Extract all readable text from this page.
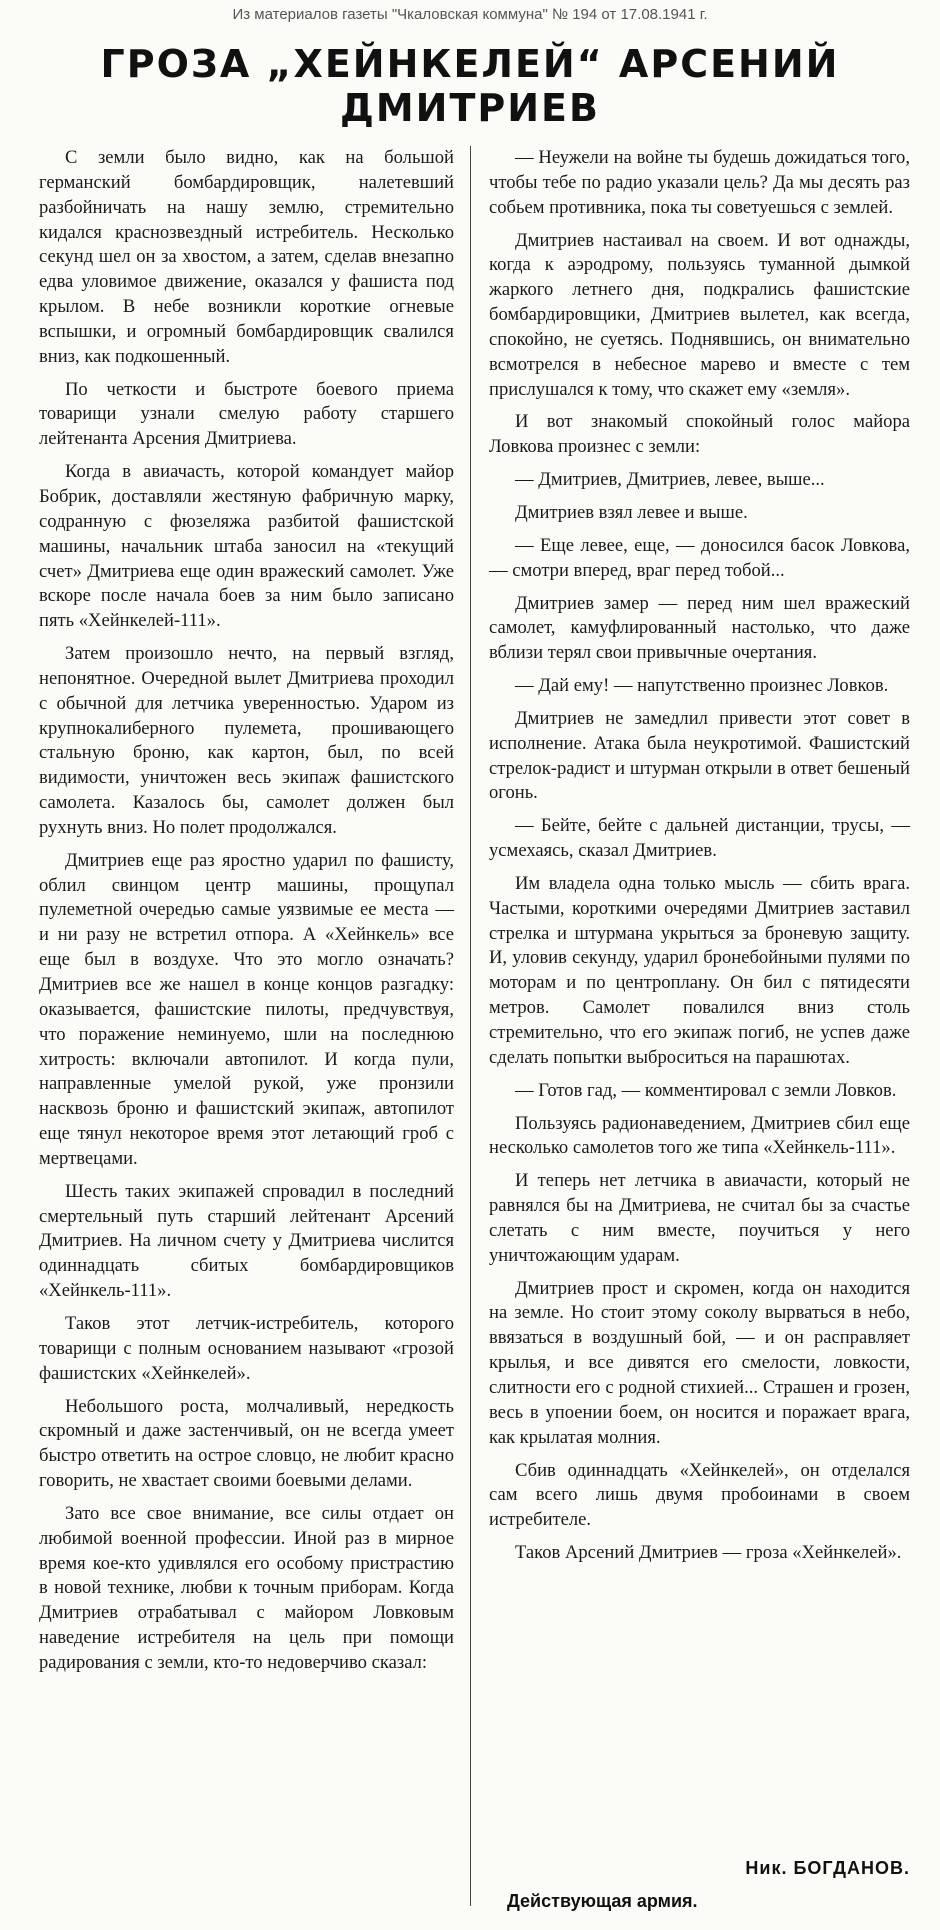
Из материалов газеты "Чкаловская коммуна" № 194 от 17.08.1941 г.
ГРОЗА „ХЕЙНКЕЛЕЙ“ АРСЕНИЙ
ДМИТРИЕВ

С земли было видно, как на большой германский бомбардировщик, налетевший разбойничать на нашу землю, стремительно кидался краснозвездный истребитель. Несколько секунд шел он за хвостом, а затем, сделав внезапно едва уловимое движение, оказался у фашиста под крылом. В небе возникли короткие огневые вспышки, и огромный бомбардировщик свалился вниз, как подкошенный.

По четкости и быстроте боевого приема товарищи узнали смелую работу старшего лейтенанта Арсения Дмитриева.

Когда в авиачасть, которой командует майор Бобрик, доставляли жестяную фабричную марку, содранную с фюзеляжа разбитой фашистской машины, начальник штаба заносил на «текущий счет» Дмитриева еще один вражеский самолет. Уже вскоре после начала боев за ним было записано пять «Хейнкелей-111».

Затем произошло нечто, на первый взгляд, непонятное. Очередной вылет Дмитриева проходил с обычной для летчика уверенностью. Ударом из крупнокалиберного пулемета, прошивающего стальную броню, как картон, был, по всей видимости, уничтожен весь экипаж фашистского самолета. Казалось бы, самолет должен был рухнуть вниз. Но полет продолжался.

Дмитриев еще раз яростно ударил по фашисту, облил свинцом центр машины, прощупал пулеметной очередью самые уязвимые ее места — и ни разу не встретил отпора. А «Хейнкель» все еще был в воздухе. Что это могло означать? Дмитриев все же нашел в конце концов разгадку: оказывается, фашистские пилоты, предчувствуя, что поражение неминуемо, шли на последнюю хитрость: включали автопилот. И когда пули, направленные умелой рукой, уже пронзили насквозь броню и фашистский экипаж, автопилот еще тянул некоторое время этот летающий гроб с мертвецами.

Шесть таких экипажей спровадил в последний смертельный путь старший лейтенант Арсений Дмитриев. На личном счету у Дмитриева числится одиннадцать сбитых бомбардировщиков «Хейнкель-111».

Таков этот летчик-истребитель, которого товарищи с полным основанием называют «грозой фашистских «Хейнкелей».

Небольшого роста, молчаливый, нередкость скромный и даже застенчивый, он не всегда умеет быстро ответить на острое словцо, не любит красно говорить, не хвастает своими боевыми делами.

Зато все свое внимание, все силы отдает он любимой военной профессии. Иной раз в мирное время кое-кто удивлялся его особому пристрастию в новой технике, любви к точным приборам. Когда Дмитриев отрабатывал с майором Ловковым наведение истребителя на цель при помощи радирования с земли, кто-то недоверчиво сказал:

— Неужели на войне ты будешь дожидаться того, чтобы тебе по радио указали цель? Да мы десять раз собьем противника, пока ты советуешься с землей.

Дмитриев настаивал на своем. И вот однажды, когда к аэродрому, пользуясь туманной дымкой жаркого летнего дня, подкрались фашистские бомбардировщики, Дмитриев вылетел, как всегда, спокойно, не суетясь. Поднявшись, он внимательно всмотрелся в небесное марево и вместе с тем прислушался к тому, что скажет ему «земля».

И вот знакомый спокойный голос майора Ловкова произнес с земли:

— Дмитриев, Дмитриев, левее, выше...

Дмитриев взял левее и выше.

— Еще левее, еще, — доносился басок Ловкова, — смотри вперед, враг перед тобой...

Дмитриев замер — перед ним шел вражеский самолет, камуфлированный настолько, что даже вблизи терял свои привычные очертания.

— Дай ему! — напутственно произнес Ловков.

Дмитриев не замедлил привести этот совет в исполнение. Атака была неукротимой. Фашистский стрелок-радист и штурман открыли в ответ бешеный огонь.

— Бейте, бейте с дальней дистанции, трусы, — усмехаясь, сказал Дмитриев.

Им владела одна только мысль — сбить врага. Частыми, короткими очередями Дмитриев заставил стрелка и штурмана укрыться за броневую защиту. И, уловив секунду, ударил бронебойными пулями по моторам и по центроплану. Он бил с пятидесяти метров. Самолет повалился вниз столь стремительно, что его экипаж погиб, не успев даже сделать попытки выброситься на парашютах.

— Готов гад, — комментировал с земли Ловков.

Пользуясь радионаведением, Дмитриев сбил еще несколько самолетов того же типа «Хейнкель-111».

И теперь нет летчика в авиачасти, который не равнялся бы на Дмитриева, не считал бы за счастье слетать с ним вместе, поучиться у него уничтожающим ударам.

Дмитриев прост и скромен, когда он находится на земле. Но стоит этому соколу вырваться в небо, ввязаться в воздушный бой, — и он расправляет крылья, и все дивятся его смелости, ловкости, слитности его с родной стихией... Страшен и грозен, весь в упоении боем, он носится и поражает врага, как крылатая молния.

Сбив одиннадцать «Хейнкелей», он отделался сам всего лишь двумя пробоинами в своем истребителе.

Таков Арсений Дмитриев — гроза «Хейнкелей».

Ник. БОГДАНОВ.
Действующая армия.
